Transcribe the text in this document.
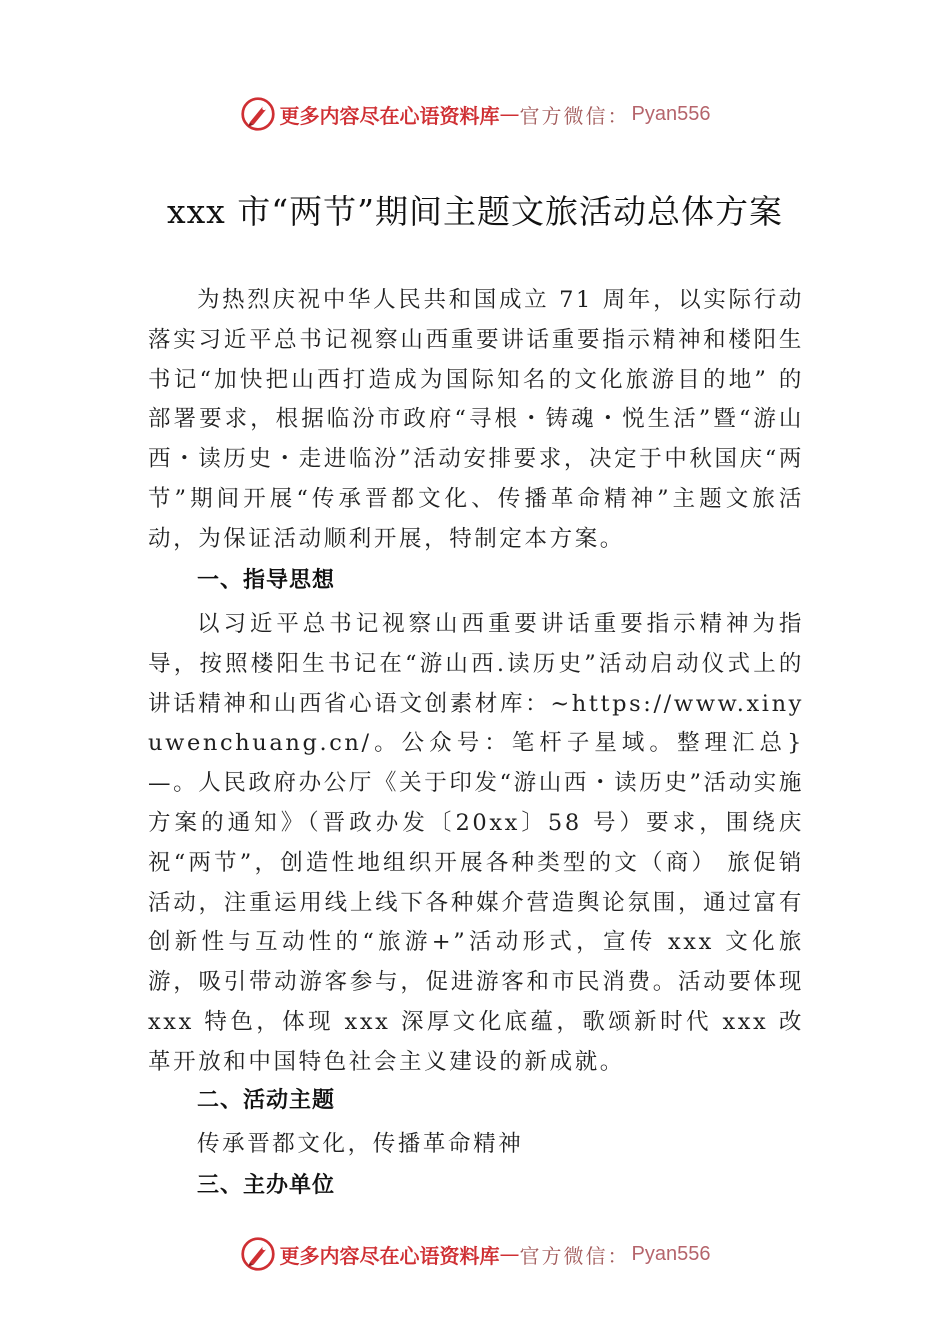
更多内容尽在心语资料库 — 官方微信： Pyan556
xxx 市“两节”期间主题文旅活动总体方案

为热烈庆祝中华人民共和国成立 71 周年，以实际行动落实习近平总书记视察山西重要讲话重要指示精神和楼阳生书记“加快把山西打造成为国际知名的文化旅游目的地” 的部署要求，根据临汾市政府“寻根・铸魂・悦生活”暨“游山西・读历史・走进临汾”活动安排要求，决定于中秋国庆“两节”期间开展“传承晋都文化、传播革命精神”主题文旅活动，为保证活动顺利开展，特制定本方案。

一、指导思想

以习近平总书记视察山西重要讲话重要指示精神为指导，按照楼阳生书记在“游山西.读历史”活动启动仪式上的讲话精神和山西省心语文创素材库：~https://www.xinyuwenchuang.cn/。公众号：笔杆子星域。整理汇总}—。人民政府办公厅《关于印发“游山西・读历史”活动实施方案的通知》（晋政办发〔20xx〕58 号）要求，围绕庆祝“两节”，创造性地组织开展各种类型的文（商） 旅促销活动，注重运用线上线下各种媒介营造舆论氛围，通过富有创新性与互动性的“旅游+”活动形式，宣传 xxx 文化旅游，吸引带动游客参与，促进游客和市民消费。活动要体现 xxx 特色，体现 xxx 深厚文化底蕴，歌颂新时代 xxx 改革开放和中国特色社会主义建设的新成就。

二、活动主题

传承晋都文化，传播革命精神

三、主办单位
更多内容尽在心语资料库 — 官方微信： Pyan556
